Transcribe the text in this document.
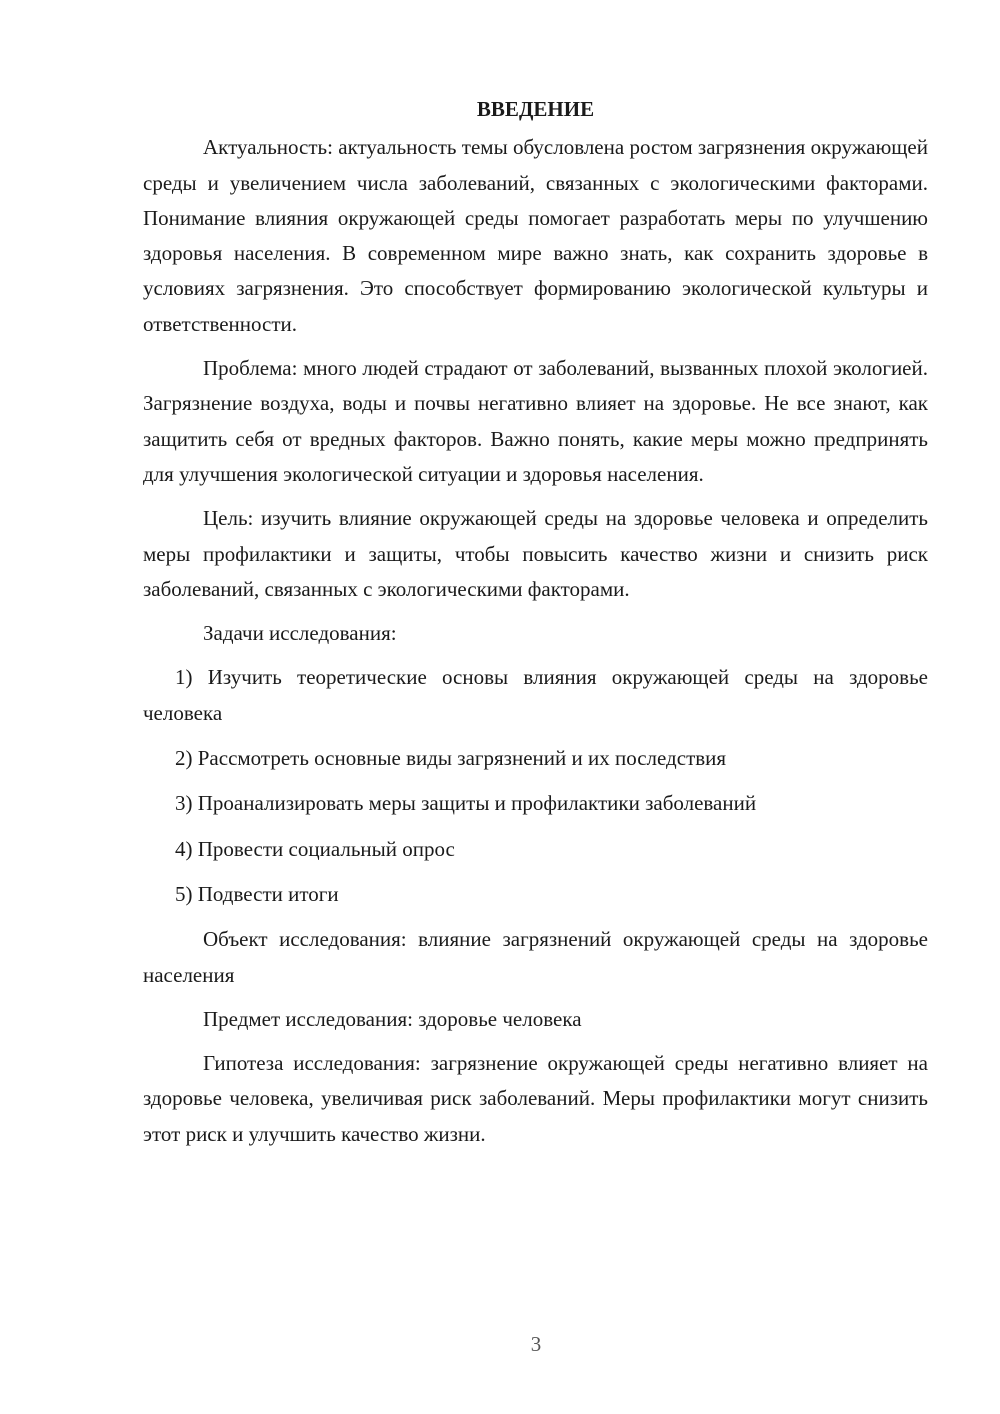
ВВЕДЕНИЕ

Актуальность: актуальность темы обусловлена ростом загрязнения окружающей среды и увеличением числа заболеваний, связанных с экологическими факторами. Понимание влияния окружающей среды помогает разработать меры по улучшению здоровья населения. В современном мире важно знать, как сохранить здоровье в условиях загрязнения. Это способствует формированию экологической культуры и ответственности.

Проблема: много людей страдают от заболеваний, вызванных плохой экологией. Загрязнение воздуха, воды и почвы негативно влияет на здоровье. Не все знают, как защитить себя от вредных факторов. Важно понять, какие меры можно предпринять для улучшения экологической ситуации и здоровья населения.

Цель: изучить влияние окружающей среды на здоровье человека и определить меры профилактики и защиты, чтобы повысить качество жизни и снизить риск заболеваний, связанных с экологическими факторами.

Задачи исследования:

1) Изучить теоретические основы влияния окружающей среды на здоровье человека

2) Рассмотреть основные виды загрязнений и их последствия

3) Проанализировать меры защиты и профилактики заболеваний

4) Провести социальный опрос

5) Подвести итоги

Объект исследования: влияние загрязнений окружающей среды на здоровье населения

Предмет исследования: здоровье человека

Гипотеза исследования: загрязнение окружающей среды негативно влияет на здоровье человека, увеличивая риск заболеваний. Меры профилактики могут снизить этот риск и улучшить качество жизни.

3
